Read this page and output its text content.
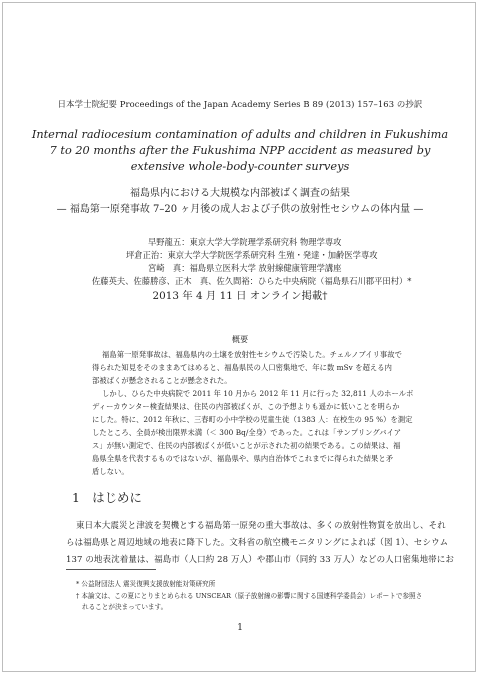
日本学士院紀要 Proceedings of the Japan Academy Series B 89 (2013) 157–163 の抄訳
Internal radiocesium contamination of adults and children in Fukushima
7 to 20 months after the Fukushima NPP accident as measured by
extensive whole-body-counter surveys
福島県内における大規模な内部被ばく調査の結果
— 福島第一原発事故 7–20 ヶ月後の成人および子供の放射性セシウムの体内量 —
早野龍五：東京大学大学院理学系研究科 物理学専攻
坪倉正治：東京大学大学院医学系研究科 生殖・発達・加齢医学専攻
宮崎　真：福島県立医科大学 放射線健康管理学講座
佐藤英夫、佐藤勝彦、正木　真、佐久間裕：ひらた中央病院（福島県石川郡平田村）*
2013 年 4 月 11 日 オンライン掲載†
概要
福島第一原発事故は、福島県内の土壌を放射性セシウムで汚染した。チェルノブイリ事故で
得られた知見をそのままあてはめると、福島県民の人口密集地で、年に数 mSv を超える内
部被ばくが懸念されることが懸念された。
しかし、ひらた中央病院で 2011 年 10 月から 2012 年 11 月に行った 32,811 人のホールボ
ディーカウンター検査結果は、住民の内部被ばくが、この予想よりも遥かに低いことを明らか
にした。特に、2012 年秋に、三春町の小中学校の児童生徒（1383 人：在校生の 95 %）を測定
したところ、全員が検出限界未満（＜ 300 Bq/全身）であった。これは「サンプリングバイア
ス」が無い測定で、住民の内部被ばくが低いことが示された初の結果である。この結果は、福
島県全県を代表するものではないが、福島県や、県内自治体でこれまでに得られた結果と矛
盾しない。
1　はじめに
東日本大震災と津波を契機とする福島第一原発の重大事故は、多くの放射性物質を放出し、それ
らは福島県と周辺地域の地表に降下した。文科省の航空機モニタリングによれば（図 1）、セシウム
137 の地表沈着量は、福島市（人口約 28 万人）や郡山市（同約 33 万人）などの人口密集地帯にお
* 公益財団法人 震災復興支援放射能対策研究所
† 本論文は、この夏にとりまとめられる UNSCEAR（原子放射線の影響に関する国連科学委員会）レポートで参照さ
れることが決まっています。
1
